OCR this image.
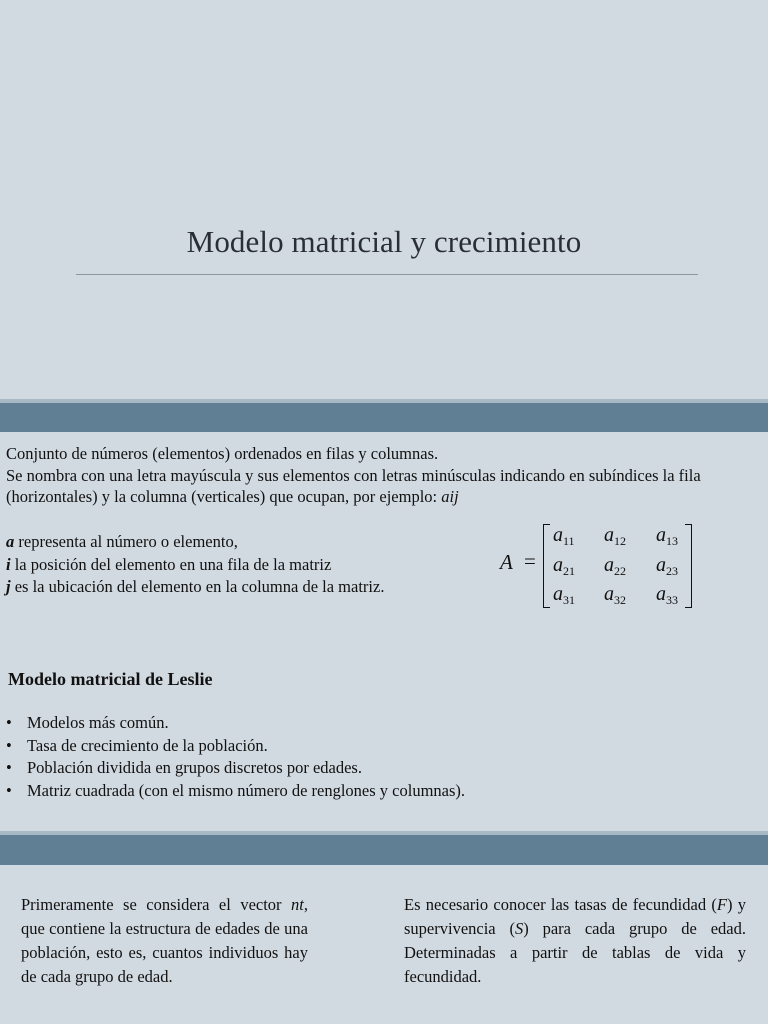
Modelo matricial y crecimiento

Conjunto de números (elementos) ordenados en filas y columnas.

Se nombra con una letra mayúscula y sus elementos con letras minúsculas indicando en subíndices la fila (horizontales) y la columna (verticales) que ocupan, por ejemplo: aij

a representa al número o elemento,

i la posición del elemento en una fila de la matriz

j es la ubicación del elemento en la columna de la matriz.

A =
$a_{11}$	$a_{12}$	$a_{13}$
$a_{21}$	$a_{22}$	$a_{23}$
$a_{31}$	$a_{32}$	$a_{33}$
Modelo matricial de Leslie
• Modelos más común.
• Tasa de crecimiento de la población.
• Población dividida en grupos discretos por edades.
• Matriz cuadrada (con el mismo número de renglones y columnas).

Primeramente se considera el vector nt, que contiene la estructura de edades de una población, esto es, cuantos individuos hay de cada grupo de edad.

Es necesario conocer las tasas de fecundidad (F) y supervivencia (S) para cada grupo de edad. Determinadas a partir de tablas de vida y fecundidad.
